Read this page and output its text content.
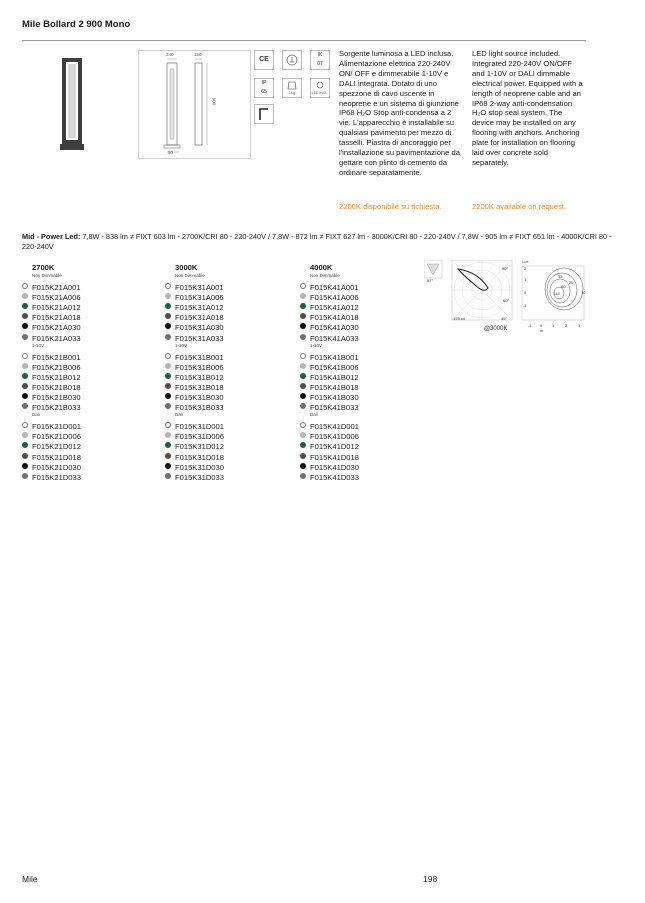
Mile Bollard 2 900 Mono
240	150
900
50
CE
IK
07
IP
65	1Kg	LED INCL.
Sorgente luminosa a LED inclusa. Alimentazione elettrica 220-240V ON/ OFF e dimmerabile 1-10V e DALI integrata. Dotato di uno spezzone di cavo uscente in neoprene e un sistema di giunzione IP68 H₂O Stop anti-condensa a 2 vie. L'apparecchio è installabile su qualsiasi pavimento per mezzo di tasselli. Piastra di ancoraggio per l'installazione su pavimentazione da gettare con plinto di cemento da ordinare separatamente.
LED light source included. Integrated 220-240V ON/OFF and 1-10V or DALI dimmable electrical power. Equipped with a length of neoprene cable and an IP68 2-way anti-condensation H₂O stop seal system. The device may be installed on any flooring with anchors. Anchoring plate for installation on flooring laid over concrete sold separately.
2200K disponibile su richiesta.	2200K available on request.
Mid - Power Led: 7,8W - 838 lm ≠ FIXT 603 lm - 2700K/CRI 80 - 220-240V / 7,8W - 872 lm ≠ FIXT 627 lm - 3000K/CRI 80 - 220-240V / 7,8W - 905 lm ≠ FIXT 651 lm - 4000K/CRI 80 - 220-240V
2700K
Non Dimmable
F015K21A001
F015K21A006
F015K21A012
F015K21A018
F015K21A030
F015K21A033
1-10V
F015K21B001
F015K21B006
F015K21B012
F015K21B018
F015K21B030
F015K21B033
Dali
F015K21D001
F015K21D006
F015K21D012
F015K21D018
F015K21D030
F015K21D033
3000K
Non Dimmable
F015K31A001
F015K31A006
F015K31A012
F015K31A018
F015K31A030
F015K31A033
1-10V
F015K31B001
F015K31B006
F015K31B012
F015K31B018
F015K31B030
F015K31B033
Dali
F015K31D001
F015K31D006
F015K31D012
F015K31D018
F015K31D030
F015K31D033
4000K
Non Dimmable
F015K41A001
F015K41A006
F015K41A012
F015K41A018
F015K41A030
F015K41A033
1-10V
F015K41B001
F015K41B006
F015K41B012
F015K41B018
F015K41B030
F015K41B033
Dali
F015K41D001
F015K41D006
F015K41D012
F015K41D018
F015K41D030
F015K41D033
57°
90°
60°
45°
195 cd
@3000K
Lux
2
1
0
-1
-1 0 1	2	3
m
145
60
25
10
35
Mile	198
